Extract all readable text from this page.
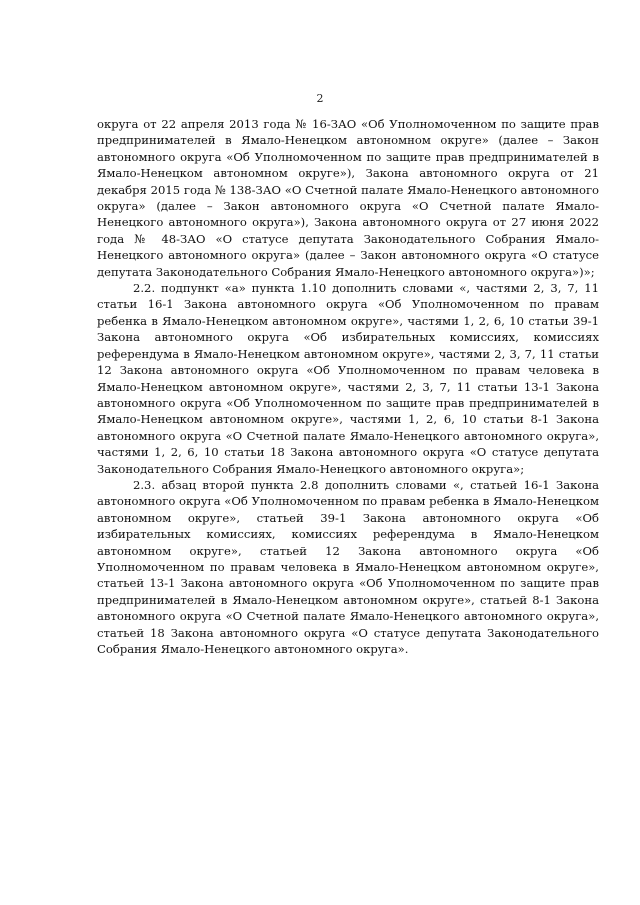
2

округа от 22 апреля 2013 года № 16-ЗАО «Об Уполномоченном по защите прав предпринимателей в Ямало-Ненецком автономном округе» (далее – Закон автономного округа «Об Уполномоченном по защите прав предпринимателей в Ямало-Ненецком автономном округе»), Закона автономного округа от 21 декабря 2015 года № 138-ЗАО «О Счетной палате Ямало-Ненецкого автономного округа» (далее – Закон автономного округа «О Счетной палате Ямало-Ненецкого автономного округа»), Закона автономного округа от 27 июня 2022 года № 48-ЗАО «О статусе депутата Законодательного Собрания Ямало-Ненецкого автономного округа» (далее – Закон автономного округа «О статусе депутата Законодательного Собрания Ямало-Ненецкого автономного округа»)»;

2.2. подпункт «а» пункта 1.10 дополнить словами «, частями 2, 3, 7, 11 статьи 16-1 Закона автономного округа «Об Уполномоченном по правам ребенка в Ямало-Ненецком автономном округе», частями 1, 2, 6, 10 статьи 39-1 Закона автономного округа «Об избирательных комиссиях, комиссиях референдума в Ямало-Ненецком автономном округе», частями 2, 3, 7, 11 статьи 12 Закона автономного округа «Об Уполномоченном по правам человека в Ямало-Ненецком автономном округе», частями 2, 3, 7, 11 статьи 13-1 Закона автономного округа «Об Уполномоченном по защите прав предпринимателей в Ямало-Ненецком автономном округе», частями 1, 2, 6, 10 статьи 8-1 Закона автономного округа «О Счетной палате Ямало-Ненецкого автономного округа», частями 1, 2, 6, 10 статьи 18 Закона автономного округа «О статусе депутата Законодательного Собрания Ямало-Ненецкого автономного округа»;

2.3. абзац второй пункта 2.8 дополнить словами «, статьей 16-1 Закона автономного округа «Об Уполномоченном по правам ребенка в Ямало-Ненецком автономном округе», статьей 39-1 Закона автономного округа «Об избирательных комиссиях, комиссиях референдума в Ямало-Ненецком автономном округе», статьей 12 Закона автономного округа «Об Уполномоченном по правам человека в Ямало-Ненецком автономном округе», статьей 13-1 Закона автономного округа «Об Уполномоченном по защите прав предпринимателей в Ямало-Ненецком автономном округе», статьей 8-1 Закона автономного округа «О Счетной палате Ямало-Ненецкого автономного округа», статьей 18 Закона автономного округа «О статусе депутата Законодательного Собрания Ямало-Ненецкого автономного округа».
